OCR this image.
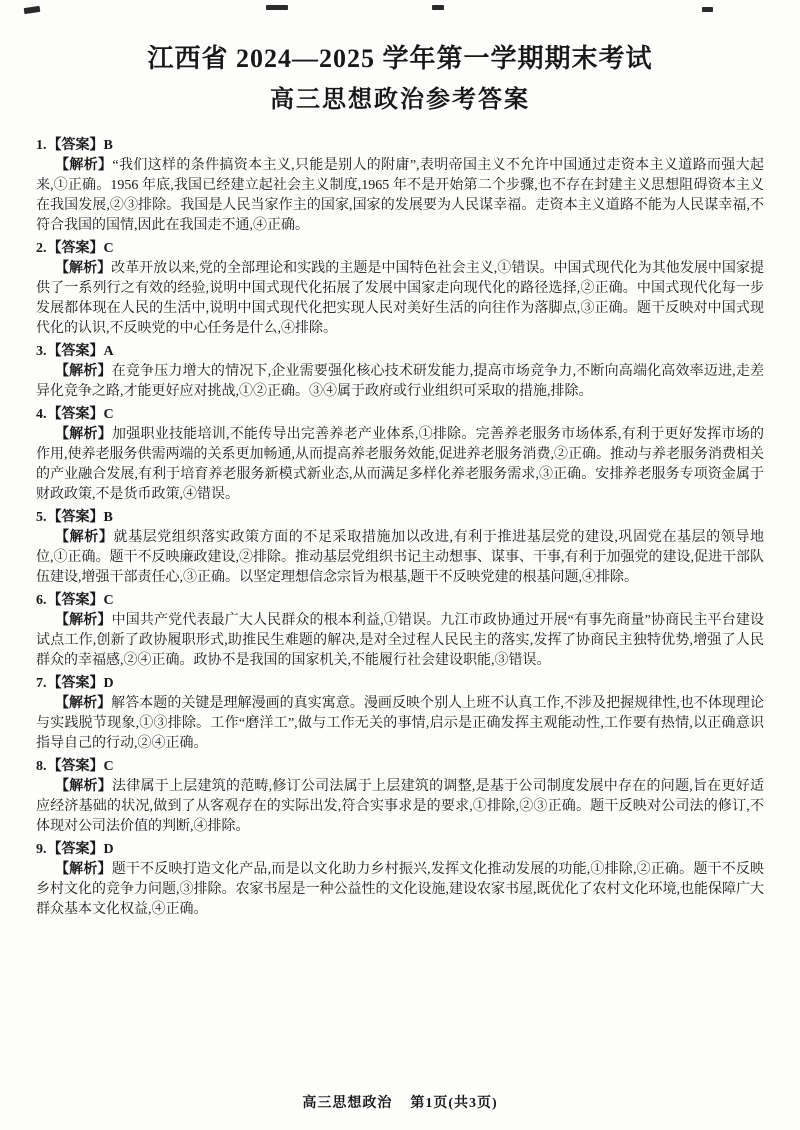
江西省 2024—2025 学年第一学期期末考试
高三思想政治参考答案
1.【答案】B
【解析】“我们这样的条件搞资本主义,只能是别人的附庸”,表明帝国主义不允许中国通过走资本主义道路而强大起来,①正确。1956 年底,我国已经建立起社会主义制度,1965 年不是开始第二个步骤,也不存在封建主义思想阻碍资本主义在我国发展,②③排除。我国是人民当家作主的国家,国家的发展要为人民谋幸福。走资本主义道路不能为人民谋幸福,不符合我国的国情,因此在我国走不通,④正确。
2.【答案】C
【解析】改革开放以来,党的全部理论和实践的主题是中国特色社会主义,①错误。中国式现代化为其他发展中国家提供了一系列行之有效的经验,说明中国式现代化拓展了发展中国家走向现代化的路径选择,②正确。中国式现代化每一步发展都体现在人民的生活中,说明中国式现代化把实现人民对美好生活的向往作为落脚点,③正确。题干反映对中国式现代化的认识,不反映党的中心任务是什么,④排除。
3.【答案】A
【解析】在竞争压力增大的情况下,企业需要强化核心技术研发能力,提高市场竞争力,不断向高端化高效率迈进,走差异化竞争之路,才能更好应对挑战,①②正确。③④属于政府或行业组织可采取的措施,排除。
4.【答案】C
【解析】加强职业技能培训,不能传导出完善养老产业体系,①排除。完善养老服务市场体系,有利于更好发挥市场的作用,使养老服务供需两端的关系更加畅通,从而提高养老服务效能,促进养老服务消费,②正确。推动与养老服务消费相关的产业融合发展,有利于培育养老服务新模式新业态,从而满足多样化养老服务需求,③正确。安排养老服务专项资金属于财政政策,不是货币政策,④错误。
5.【答案】B
【解析】就基层党组织落实政策方面的不足采取措施加以改进,有利于推进基层党的建设,巩固党在基层的领导地位,①正确。题干不反映廉政建设,②排除。推动基层党组织书记主动想事、谋事、干事,有利于加强党的建设,促进干部队伍建设,增强干部责任心,③正确。以坚定理想信念宗旨为根基,题干不反映党建的根基问题,④排除。
6.【答案】C
【解析】中国共产党代表最广大人民群众的根本利益,①错误。九江市政协通过开展“有事先商量”协商民主平台建设试点工作,创新了政协履职形式,助推民生难题的解决,是对全过程人民民主的落实,发挥了协商民主独特优势,增强了人民群众的幸福感,②④正确。政协不是我国的国家机关,不能履行社会建设职能,③错误。
7.【答案】D
【解析】解答本题的关键是理解漫画的真实寓意。漫画反映个别人上班不认真工作,不涉及把握规律性,也不体现理论与实践脱节现象,①③排除。工作“磨洋工”,做与工作无关的事情,启示是正确发挥主观能动性,工作要有热情,以正确意识指导自己的行动,②④正确。
8.【答案】C
【解析】法律属于上层建筑的范畴,修订公司法属于上层建筑的调整,是基于公司制度发展中存在的问题,旨在更好适应经济基础的状况,做到了从客观存在的实际出发,符合实事求是的要求,①排除,②③正确。题干反映对公司法的修订,不体现对公司法价值的判断,④排除。
9.【答案】D
【解析】题干不反映打造文化产品,而是以文化助力乡村振兴,发挥文化推动发展的功能,①排除,②正确。题干不反映乡村文化的竞争力问题,③排除。农家书屋是一种公益性的文化设施,建设农家书屋,既优化了农村文化环境,也能保障广大群众基本文化权益,④正确。
高三思想政治 第1页(共3页)
